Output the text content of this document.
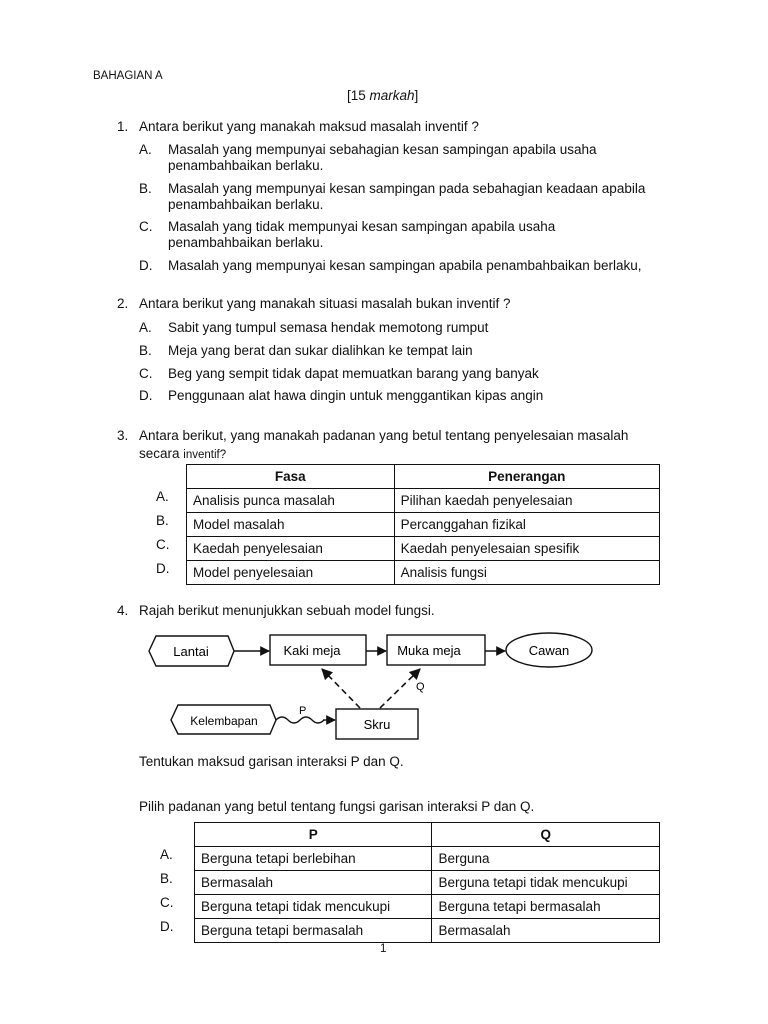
BAHAGIAN A
[15 markah]
1. Antara berikut yang manakah maksud masalah inventif ?
A. Masalah yang mempunyai sebahagian kesan sampingan apabila usaha
penambahbaikan berlaku.
B. Masalah yang mempunyai kesan sampingan pada sebahagian keadaan apabila
penambahbaikan berlaku.
C. Masalah yang tidak mempunyai kesan sampingan apabila usaha
penambahbaikan berlaku.
D. Masalah yang mempunyai kesan sampingan apabila penambahbaikan berlaku,
2. Antara berikut yang manakah situasi masalah bukan inventif ?
A. Sabit yang tumpul semasa hendak memotong rumput
B. Meja yang berat dan sukar dialihkan ke tempat lain
C. Beg yang sempit tidak dapat memuatkan barang yang banyak
D. Penggunaan alat hawa dingin untuk menggantikan kipas angin
3. Antara berikut, yang manakah padanan yang betul tentang penyelesaian masalah
secara inventif?
A.
B.
C.
D.
Fasa	Penerangan
Analisis punca masalah	Pilihan kaedah penyelesaian
Model masalah	Percanggahan fizikal
Kaedah penyelesaian	Kaedah penyelesaian spesifik
Model penyelesaian	Analisis fungsi
4. Rajah berikut menunjukkan sebuah model fungsi.
Lantai	Kaki meja	Muka meja	Cawan
Q
Kelembapan	Skru
P
Tentukan maksud garisan interaksi P dan Q.
Pilih padanan yang betul tentang fungsi garisan interaksi P dan Q.
A.
B.
C.
D.
P	Q
Berguna tetapi berlebihan	Berguna
Bermasalah	Berguna tetapi tidak mencukupi
Berguna tetapi tidak mencukupi	Berguna tetapi bermasalah
Berguna tetapi bermasalah	Bermasalah
1
